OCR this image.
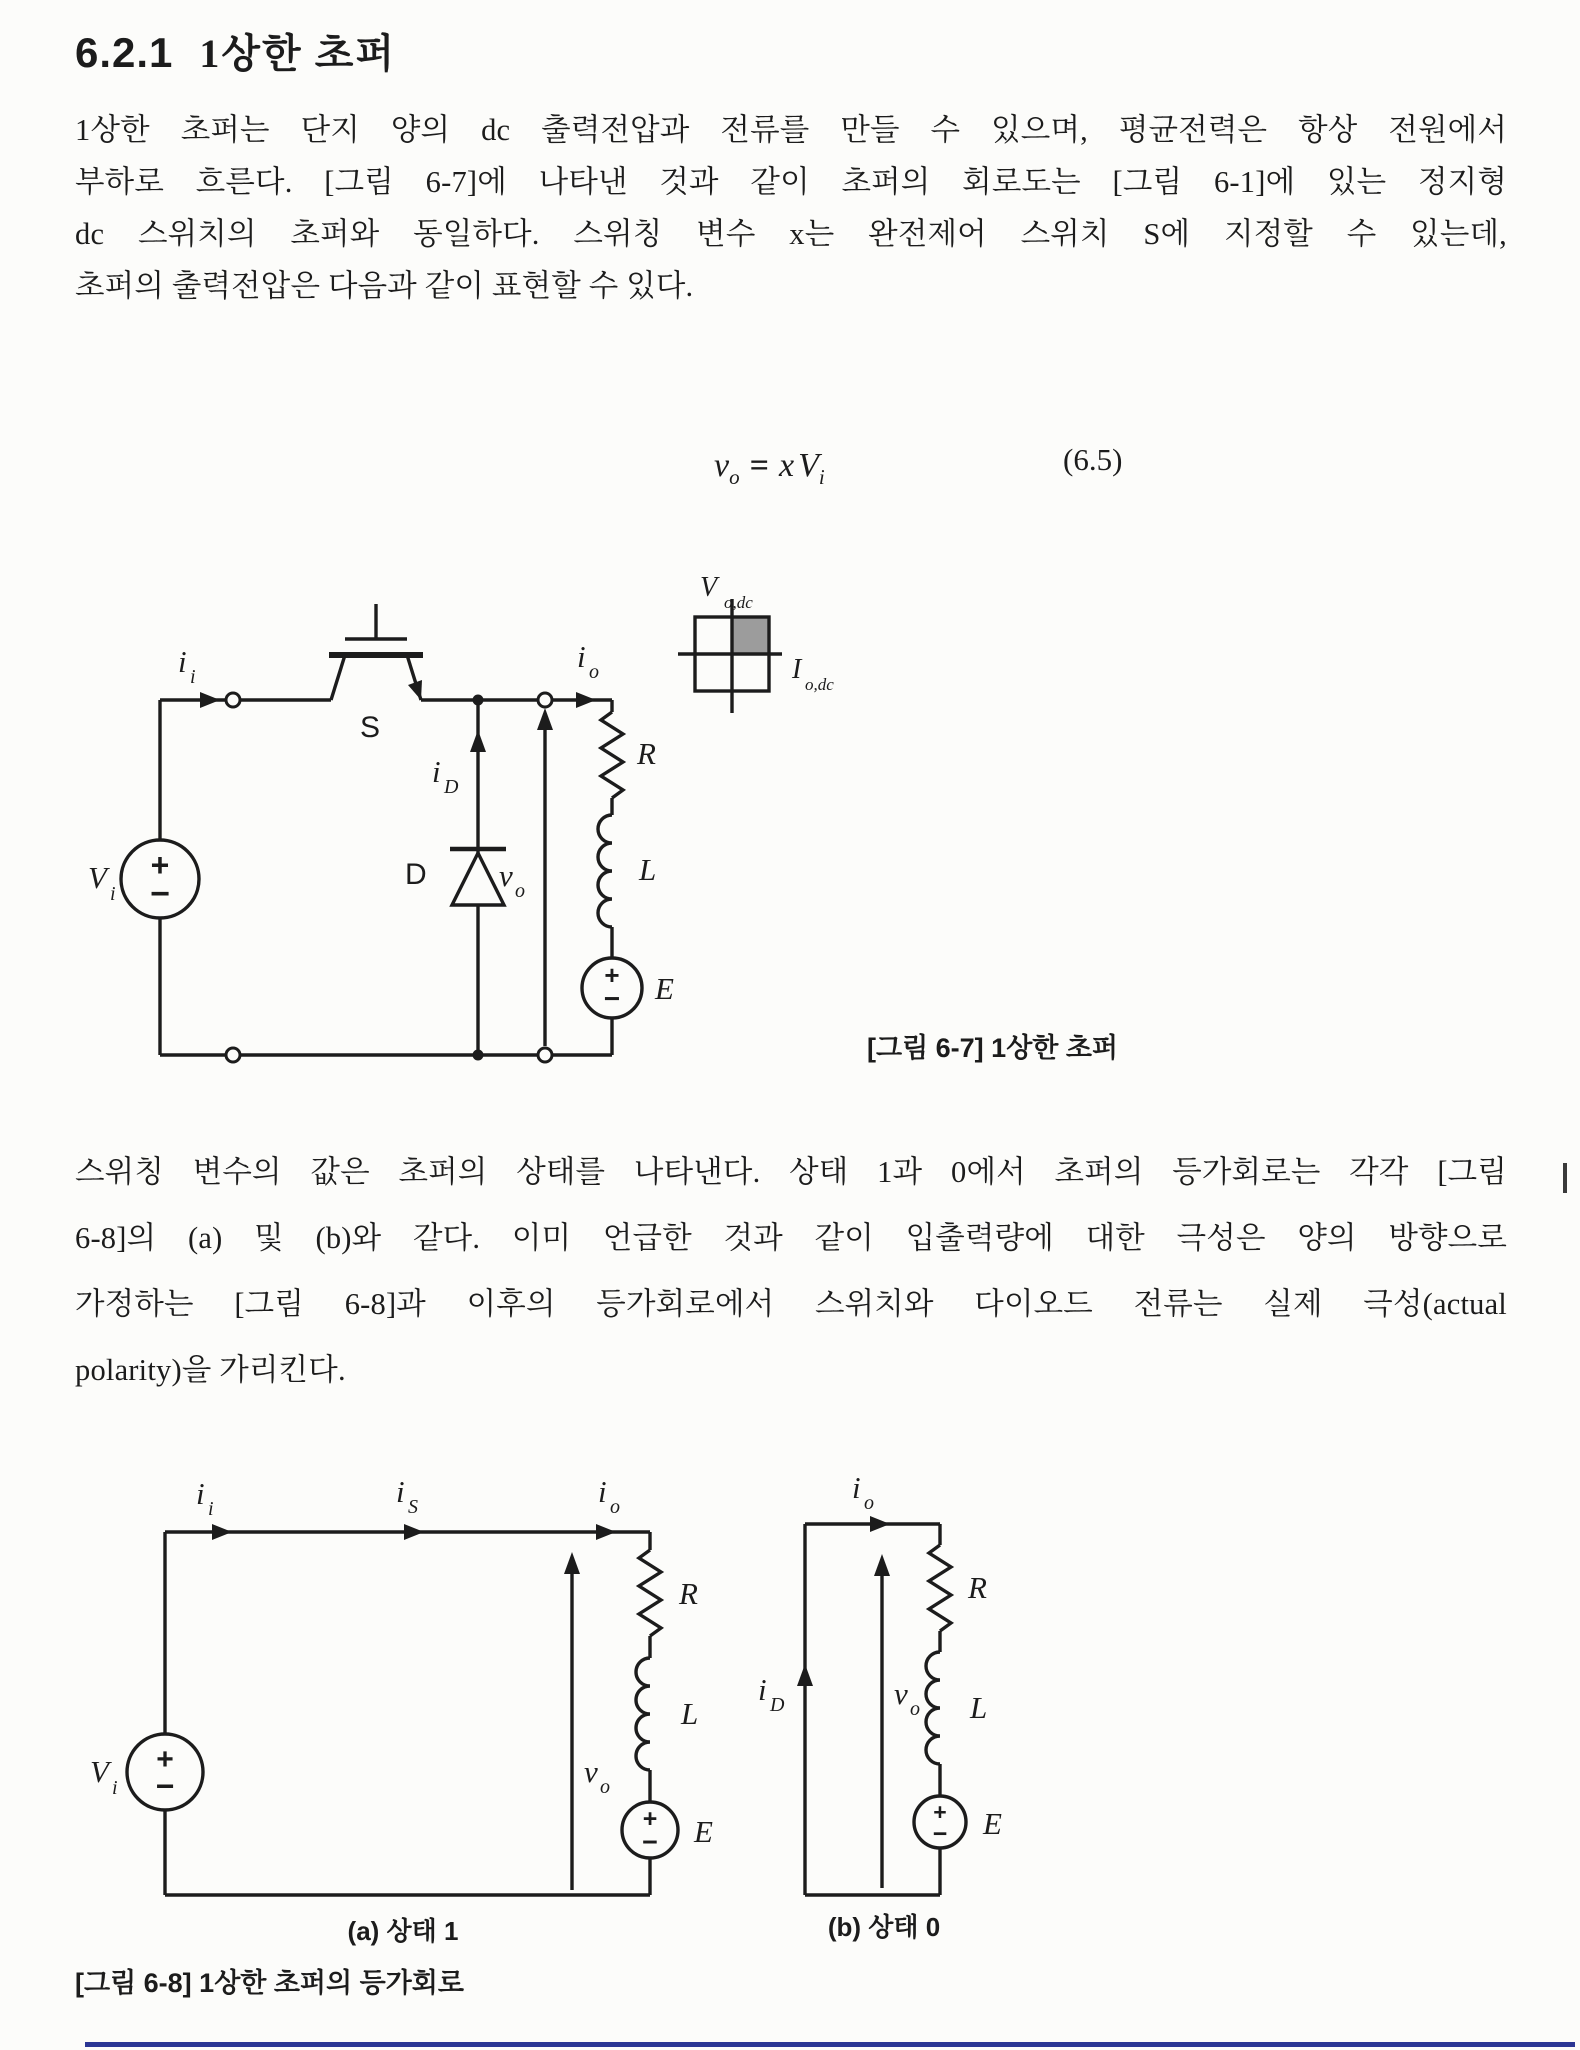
6.2.1 1상한 초퍼
1상한 초퍼는 단지 양의 dc 출력전압과 전류를 만들 수 있으며, 평균전력은 항상 전원에서
부하로 흐른다. [그림 6-7]에 나타낸 것과 같이 초퍼의 회로도는 [그림 6-1]에 있는 정지형
dc 스위치의 초퍼와 동일하다. 스위칭 변수 x는 완전제어 스위치 S에 지정할 수 있는데,
초퍼의 출력전압은 다음과 같이 표현할 수 있다.
$v_o = x$ $V_i$	(6.5)
+
−
+
−
i i
S
i o
i D
D v o
V i
R
L
E
V o,dc
I o,dc
[그림 6-7] 1상한 초퍼
스위칭 변수의 값은 초퍼의 상태를 나타낸다. 상태 1과 0에서 초퍼의 등가회로는 각각 [그림
6-8]의 (a) 및 (b)와 같다. 이미 언급한 것과 같이 입출력량에 대한 극성은 양의 방향으로
가정하는 [그림 6-8]과 이후의 등가회로에서 스위치와 다이오드 전류는 실제 극성(actual
polarity)을 가리킨다.
+
−
+
−
i i	i S	i o
V i	v o
R
L
E
+
−
i o
i D	v o
R
L
E
(a) 상태 1	(b) 상태 0
[그림 6-8] 1상한 초퍼의 등가회로
